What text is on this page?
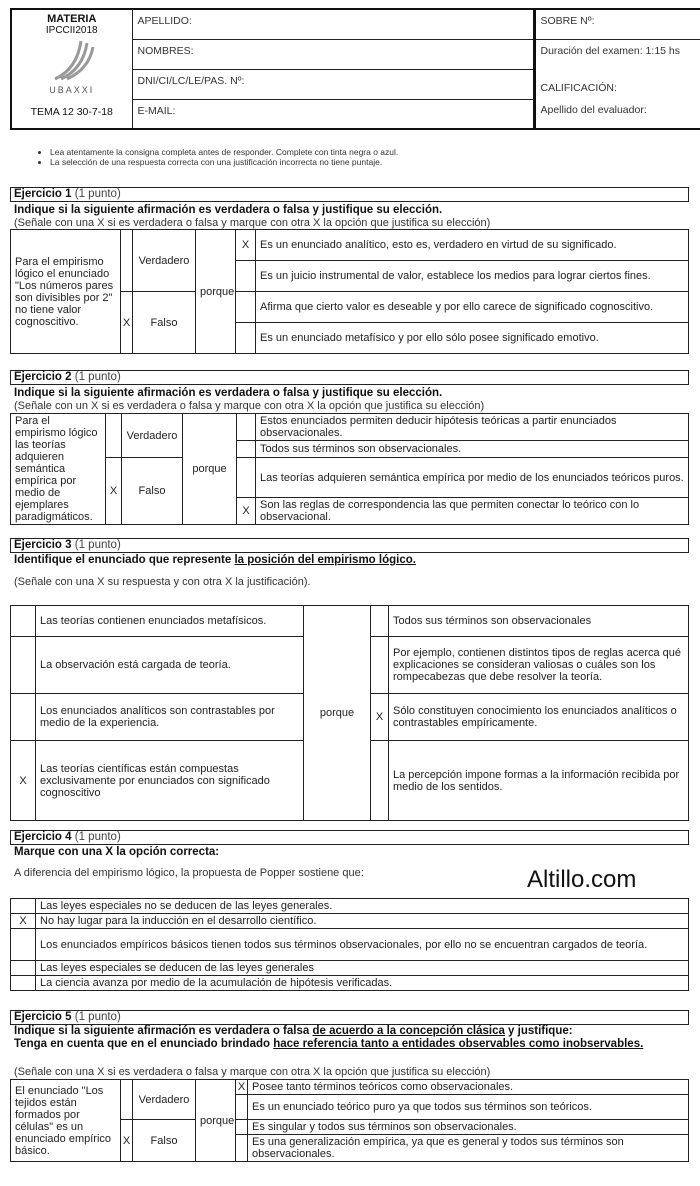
MATERIA
IPCCII2018
UBAXXI
TEMA 12 30-7-18	APELLIDO:	SOBRE Nº:
	NOMBRES:	Duración del examen: 1:15 hs
	DNI/CI/LC/LE/PAS. Nº:	CALIFICACIÓN:
	E-MAIL:	Apellido del evaluador:
• Lea atentamente la consigna completa antes de responder. Complete con tinta negra o azul.
• La selección de una respuesta correcta con una justificación incorrecta no tiene puntaje.
Ejercicio 1 (1 punto)
Indique si la siguiente afirmación es verdadera o falsa y justifique su elección.
(Señale con una X si es verdadera o falsa y marque con otra X la opción que justifica su elección)
Para el empirismo lógico el enunciado "Los números pares son divisibles por 2" no tiene valor cognoscitivo.		Verdadero	porque	X	Es un enunciado analítico, esto es, verdadero en virtud de su significado.
					Es un juicio instrumental de valor, establece los medios para lograr ciertos fines.
	X	Falso			Afirma que cierto valor es deseable y por ello carece de significado cognoscitivo.
					Es un enunciado metafísico y por ello sólo posee significado emotivo.
Ejercicio 2 (1 punto)
Indique si la siguiente afirmación es verdadera o falsa y justifique su elección.
(Señale con un X si es verdadera o falsa y marque con otra X la opción que justifica su elección)
Para el empirismo lógico las teorías adquieren semántica empírica por medio de ejemplares paradigmáticos.		Verdadero	porque		Estos enunciados permiten deducir hipótesis teóricas a partir enunciados observacionales.
					Todos sus términos son observacionales.
	X	Falso			Las teorías adquieren semántica empírica por medio de los enunciados teóricos puros.
				X	Son las reglas de correspondencia las que permiten conectar lo teórico con lo observacional.
Ejercicio 3 (1 punto)
Identifique el enunciado que represente la posición del empirismo lógico.
(Señale con una X su respuesta y con otra X la justificación).
	Las teorías contienen enunciados metafísicos.	porque		Todos sus términos son observacionales
	La observación está cargada de teoría.			Por ejemplo, contienen distintos tipos de reglas acerca qué explicaciones se consideran valiosas o cuáles son los rompecabezas que debe resolver la teoría.
	Los enunciados analíticos son contrastables por medio de la experiencia.		X	Sólo constituyen conocimiento los enunciados analíticos o contrastables empíricamente.
X	Las teorías científicas están compuestas exclusivamente por enunciados con significado cognoscitivo			La percepción impone formas a la información recibida por medio de los sentidos.
Ejercicio 4 (1 punto)
Marque con una X la opción correcta:
A diferencia del empirismo lógico, la propuesta de Popper sostiene que:	Altillo.com
	Las leyes especiales no se deducen de las leyes generales.
X	No hay lugar para la inducción en el desarrollo científico.
	Los enunciados empíricos básicos tienen todos sus términos observacionales, por ello no se encuentran cargados de teoría.
	Las leyes especiales se deducen de las leyes generales
	La ciencia avanza por medio de la acumulación de hipótesis verificadas.
Ejercicio 5 (1 punto)
Indique si la siguiente afirmación es verdadera o falsa de acuerdo a la concepción clásica y justifique:
Tenga en cuenta que en el enunciado brindado hace referencia tanto a entidades observables como inobservables.
(Señale con una X si es verdadera o falsa y marque con otra X la opción que justifica su elección)
El enunciado "Los tejidos están formados por células" es un enunciado empírico básico.		Verdadero	porque	X	Posee tanto términos teóricos como observacionales.
					Es un enunciado teórico puro ya que todos sus términos son teóricos.
	X	Falso			Es singular y todos sus términos son observacionales.
					Es una generalización empírica, ya que es general y todos sus términos son observacionales.
